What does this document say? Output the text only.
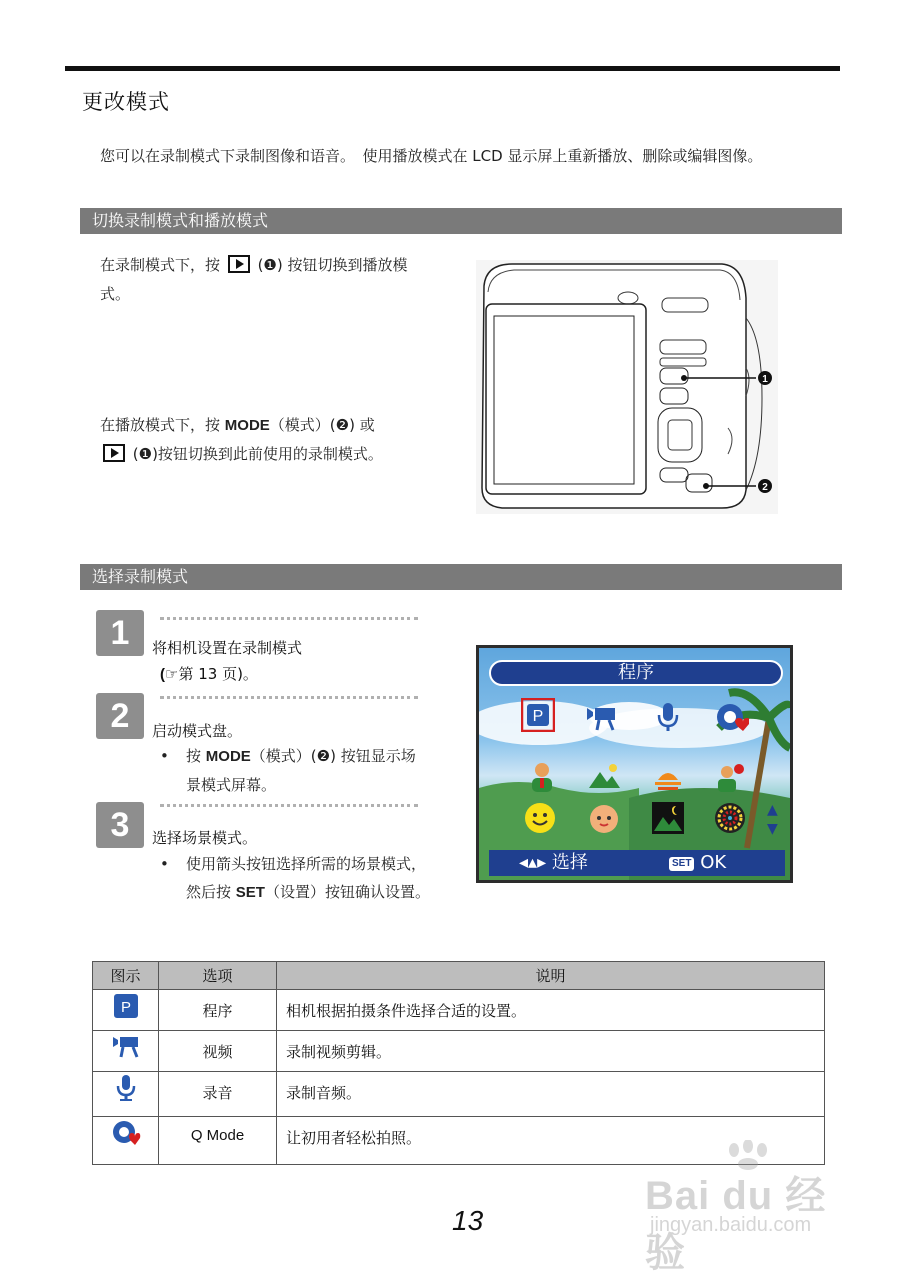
更改模式
您可以在录制模式下录制图像和语音。　使用播放模式在 LCD 显示屏上重新播放、删除或编辑图像。
切换录制模式和播放模式
在录制模式下，按  (❶) 按钮切换到播放模式。
在播放模式下，按 MODE（模式）(❷) 或
(❶)按钮切换到此前使用的录制模式。
1
2
选择录制模式
1	将相机设置在录制模式
(☞第 13 页)。
2	启动模式盘。
•	按 MODE（模式）(❷) 按钮显示场景模式屏幕。
3	选择场景模式。
•	使用箭头按钮选择所需的场景模式，然后按 SET（设置）按钮确认设置。
程序
P
▲
▼
◂▴▸ 选择	SET OK
图示	选项	说明

P	程序	相机根据拍摄条件选择合适的设置。
	视频	录制视频剪辑。
	录音	录制音频。
	Q Mode	让初用者轻松拍照。
Bai du 经验
jingyan.baidu.com
13
